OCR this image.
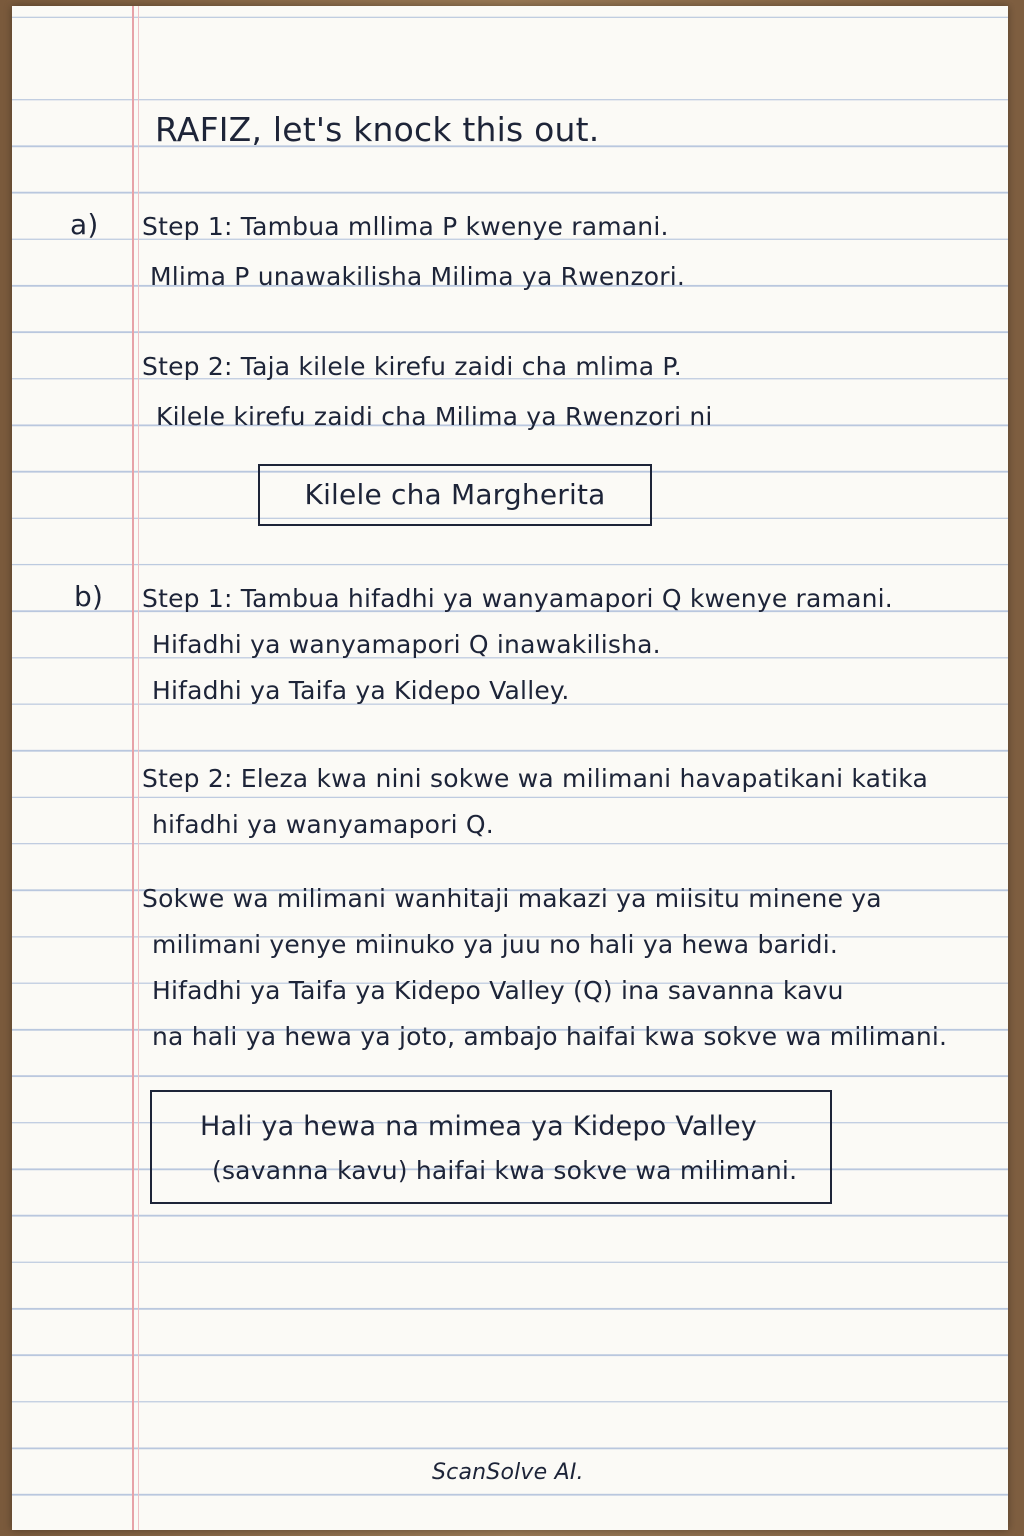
RAFIZ, let's knock this out.
a) Step 1: Tambua mllima P kwenye ramani.
Mlima P unawakilisha Milima ya Rwenzori.
Step 2: Taja kilele kirefu zaidi cha mlima P.
Kilele kirefu zaidi cha Milima ya Rwenzori ni
Kilele cha Margherita
b) Step 1: Tambua hifadhi ya wanyamapori Q kwenye ramani.
Hifadhi ya wanyamapori Q inawakilisha.
Hifadhi ya Taifa ya Kidepo Valley.
Step 2: Eleza kwa nini sokwe wa milimani havapatikani katika
hifadhi ya wanyamapori Q.
Sokwe wa milimani wanhitaji makazi ya miisitu minene ya
milimani yenye miinuko ya juu no hali ya hewa baridi.
Hifadhi ya Taifa ya Kidepo Valley (Q) ina savanna kavu
na hali ya hewa ya joto, ambajo haifai kwa sokve wa milimani.
Hali ya hewa na mimea ya Kidepo Valley
(savanna kavu) haifai kwa sokve wa milimani.
ScanSolve AI.
